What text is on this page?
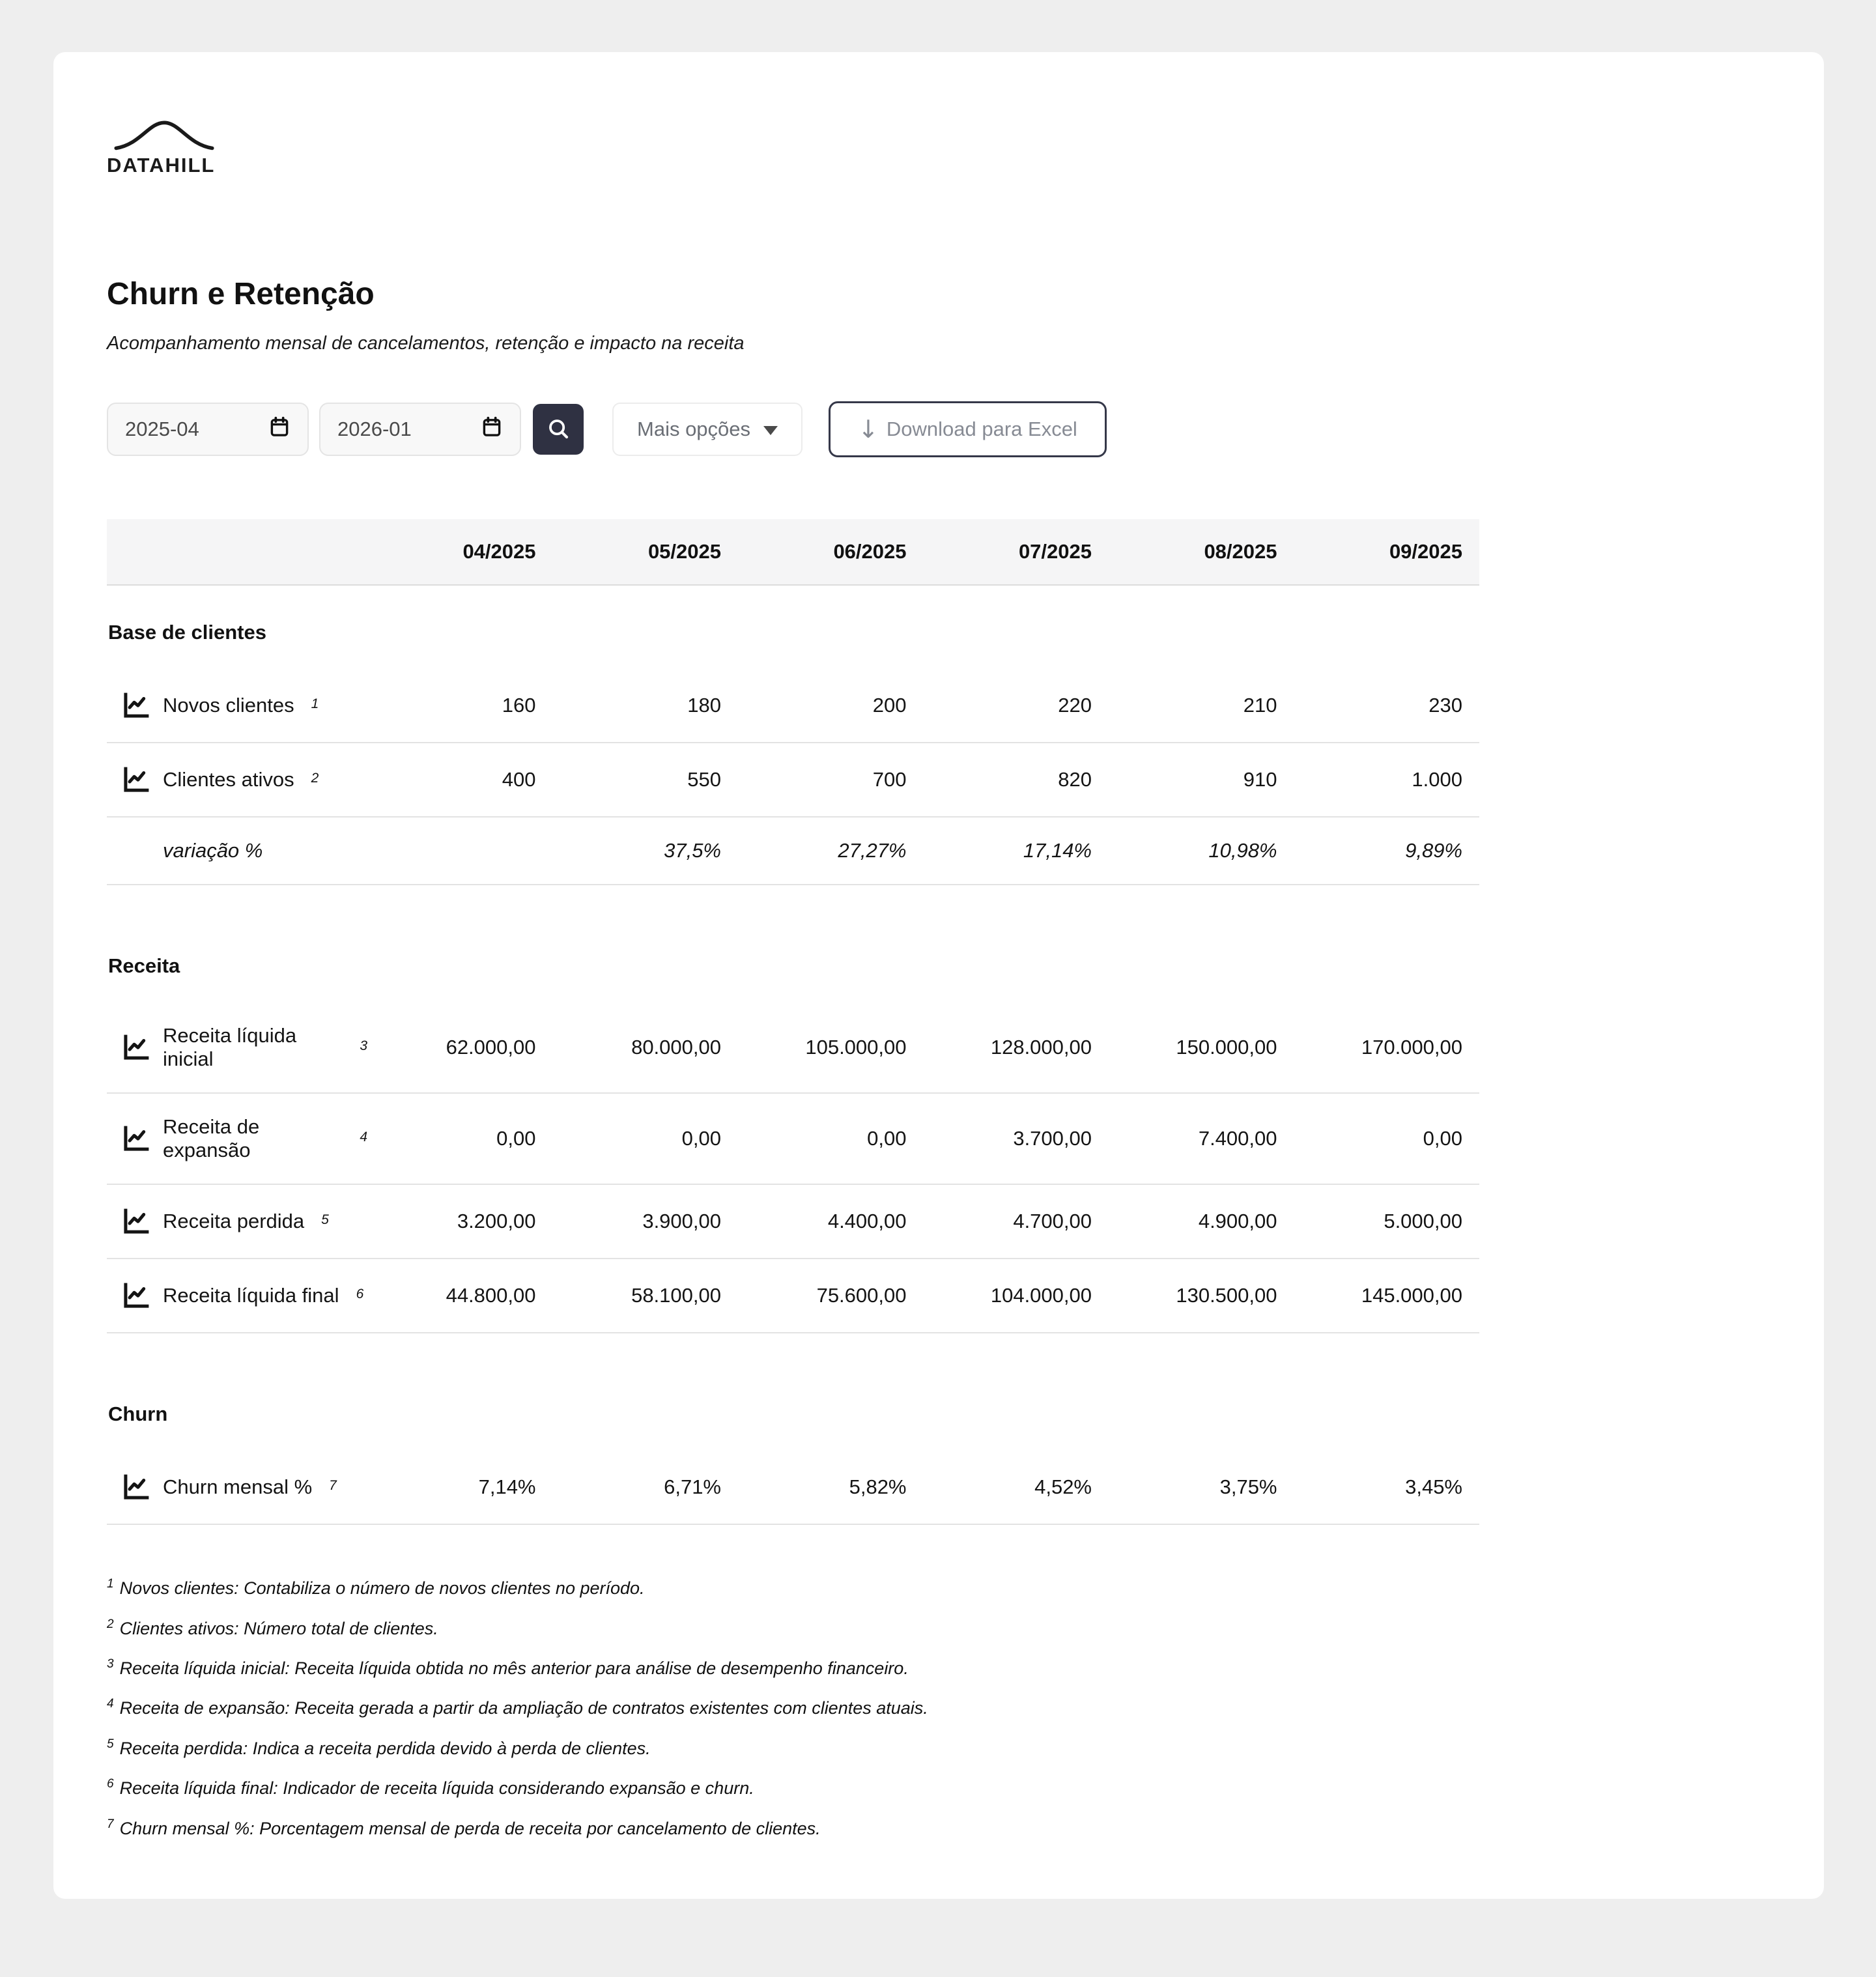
DATAHILL
Churn e Retenção
Acompanhamento mensal de cancelamentos, retenção e impacto na receita
2025-04	2026-01	Mais opções	↓ Download para Excel
	04/2025	05/2025	06/2025	07/2025	08/2025	09/2025
Base de clientes						

Novos clientes $^1$	160	180	200	220	210	230

Clientes ativos $^2$	400	550	700	820	910	1.000

variação %		37,5%	27,27%	17,14%	10,98%	9,89%
Receita						

Receita líquida inicial
$^3$	62.000,00	80.000,00	105.000,00	128.000,00	150.000,00	170.000,00

Receita de expansão
$^4$	0,00	0,00	0,00	3.700,00	7.400,00	0,00

Receita perdida $^5$	3.200,00	3.900,00	4.400,00	4.700,00	4.900,00	5.000,00

Receita líquida final $^6$	44.800,00	58.100,00	75.600,00	104.000,00	130.500,00	145.000,00
Churn						

Churn mensal % $^7$	7,14%	6,71%	5,82%	4,52%	3,75%	3,45%
$^1$ Novos clientes: Contabiliza o número de novos clientes no período.
$^2$ Clientes ativos: Número total de clientes.
$^3$ Receita líquida inicial: Receita líquida obtida no mês anterior para análise de desempenho financeiro.
$^4$ Receita de expansão: Receita gerada a partir da ampliação de contratos existentes com clientes atuais.
$^5$ Receita perdida: Indica a receita perdida devido à perda de clientes.
$^6$ Receita líquida final: Indicador de receita líquida considerando expansão e churn.
$^7$ Churn mensal %: Porcentagem mensal de perda de receita por cancelamento de clientes.
